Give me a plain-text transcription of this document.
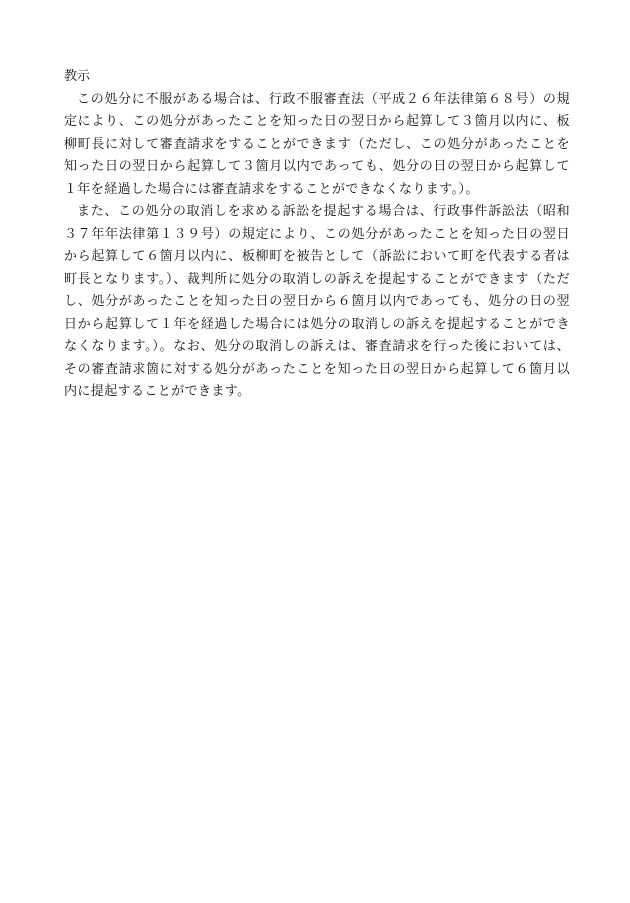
教示

この処分に不服がある場合は、行政不服審査法（平成２６年法律第６８号）の規定により、この処分があったことを知った日の翌日から起算して３箇月以内に、板柳町長に対して審査請求をすることができます（ただし、この処分があったことを知った日の翌日から起算して３箇月以内であっても、処分の日の翌日から起算して１年を経過した場合には審査請求をすることができなくなります。）。

また、この処分の取消しを求める訴訟を提起する場合は、行政事件訴訟法（昭和３７年年法律第１３９号）の規定により、この処分があったことを知った日の翌日から起算して６箇月以内に、板柳町を被告として（訴訟において町を代表する者は町長となります。）、裁判所に処分の取消しの訴えを提起することができます（ただし、処分があったことを知った日の翌日から６箇月以内であっても、処分の日の翌日から起算して１年を経過した場合には処分の取消しの訴えを提起することができなくなります。）。なお、処分の取消しの訴えは、審査請求を行った後においては、その審査請求箇に対する処分があったことを知った日の翌日から起算して６箇月以内に提起することができます。
